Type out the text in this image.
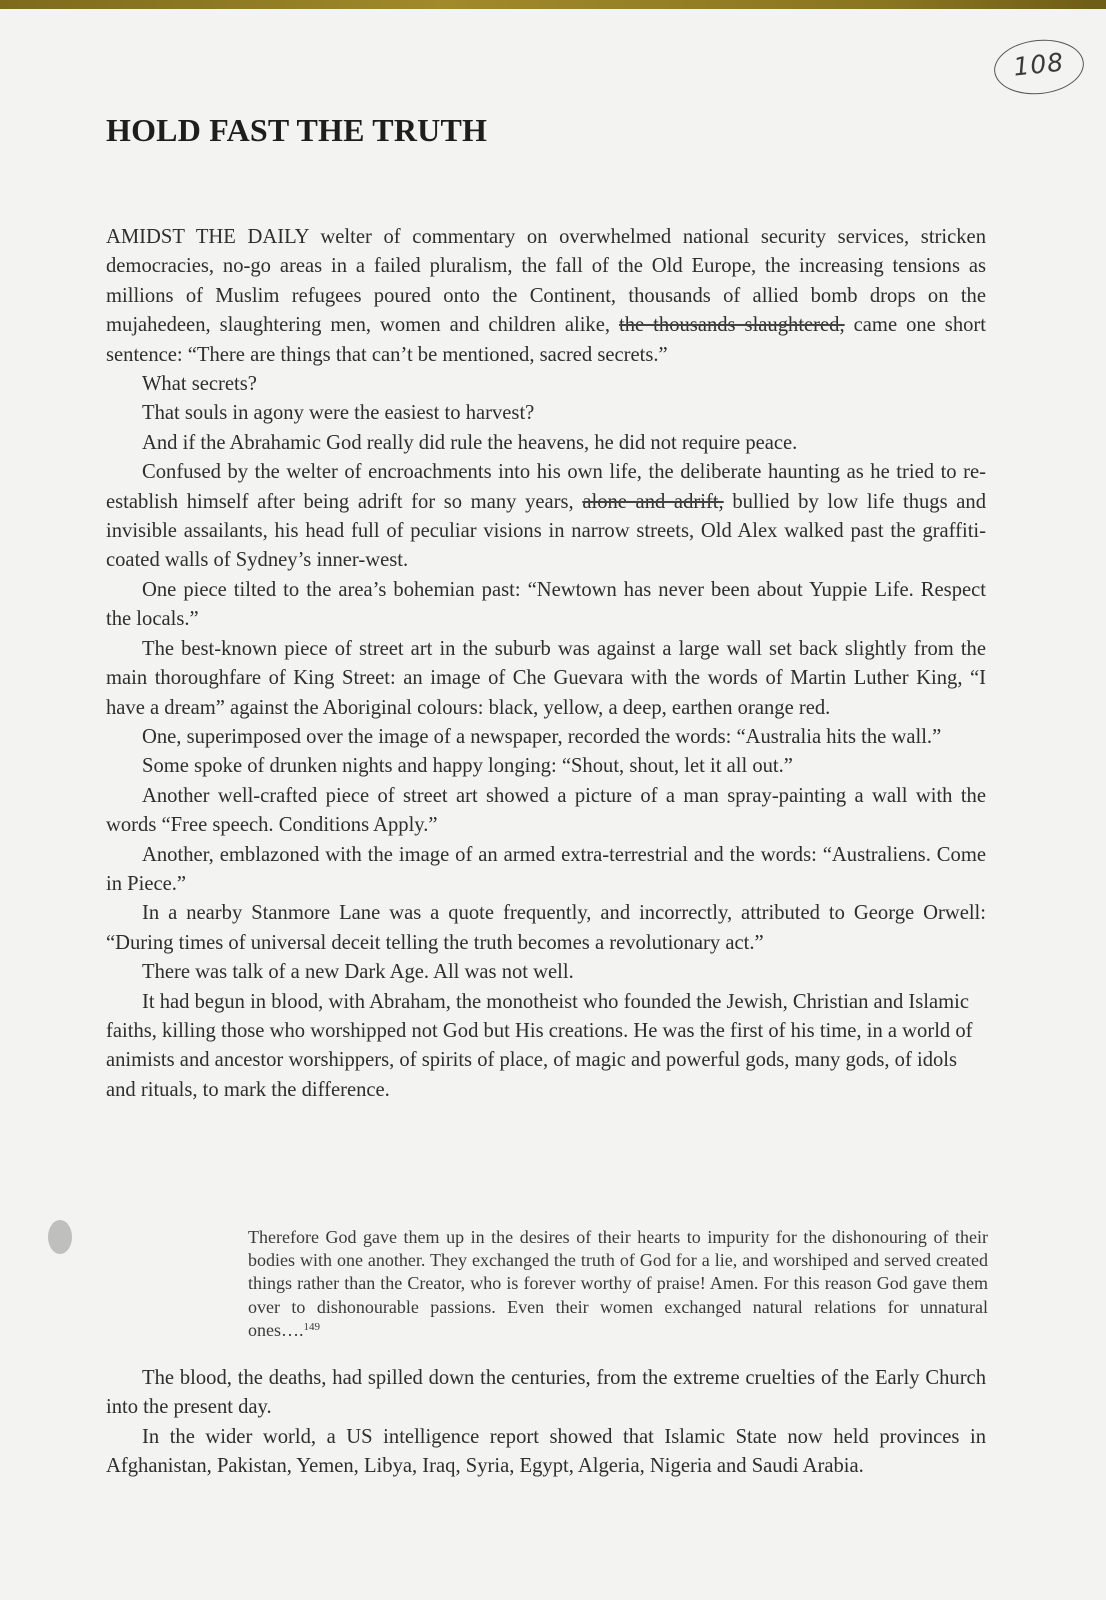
108
HOLD FAST THE TRUTH

AMIDST THE DAILY welter of commentary on overwhelmed national security services, stricken democracies, no-go areas in a failed pluralism, the fall of the Old Europe, the increasing tensions as millions of Muslim refugees poured onto the Continent, thousands of allied bomb drops on the mujahedeen, slaughtering men, women and children alike, the thousands slaughtered, came one short sentence: “There are things that can’t be mentioned, sacred secrets.”

What secrets?

That souls in agony were the easiest to harvest?

And if the Abrahamic God really did rule the heavens, he did not require peace.

Confused by the welter of encroachments into his own life, the deliberate haunting as he tried to re-establish himself after being adrift for so many years, alone and adrift, bullied by low life thugs and invisible assailants, his head full of peculiar visions in narrow streets, Old Alex walked past the graffiti-coated walls of Sydney’s inner-west.

One piece tilted to the area’s bohemian past: “Newtown has never been about Yuppie Life. Respect the locals.”

The best-known piece of street art in the suburb was against a large wall set back slightly from the main thoroughfare of King Street: an image of Che Guevara with the words of Martin Luther King, “I have a dream” against the Aboriginal colours: black, yellow, a deep, earthen orange red.

One, superimposed over the image of a newspaper, recorded the words: “Australia hits the wall.”

Some spoke of drunken nights and happy longing: “Shout, shout, let it all out.”

Another well-crafted piece of street art showed a picture of a man spray-painting a wall with the words “Free speech. Conditions Apply.”

Another, emblazoned with the image of an armed extra-terrestrial and the words: “Australiens. Come in Piece.”

In a nearby Stanmore Lane was a quote frequently, and incorrectly, attributed to George Orwell: “During times of universal deceit telling the truth becomes a revolutionary act.”

There was talk of a new Dark Age. All was not well.

It had begun in blood, with Abraham, the monotheist who founded the Jewish, Christian and Islamic faiths, killing those who worshipped not God but His creations. He was the first of his time, in a world of animists and ancestor worshippers, of spirits of place, of magic and powerful gods, many gods, of idols and rituals, to mark the difference.

Therefore God gave them up in the desires of their hearts to impurity for the dishonouring of their bodies with one another. They exchanged the truth of God for a lie, and worshiped and served created things rather than the Creator, who is forever worthy of praise! Amen. For this reason God gave them over to dishonourable passions. Even their women exchanged natural relations for unnatural ones….$^{149}$

The blood, the deaths, had spilled down the centuries, from the extreme cruelties of the Early Church into the present day.

In the wider world, a US intelligence report showed that Islamic State now held provinces in Afghanistan, Pakistan, Yemen, Libya, Iraq, Syria, Egypt, Algeria, Nigeria and Saudi Arabia.
